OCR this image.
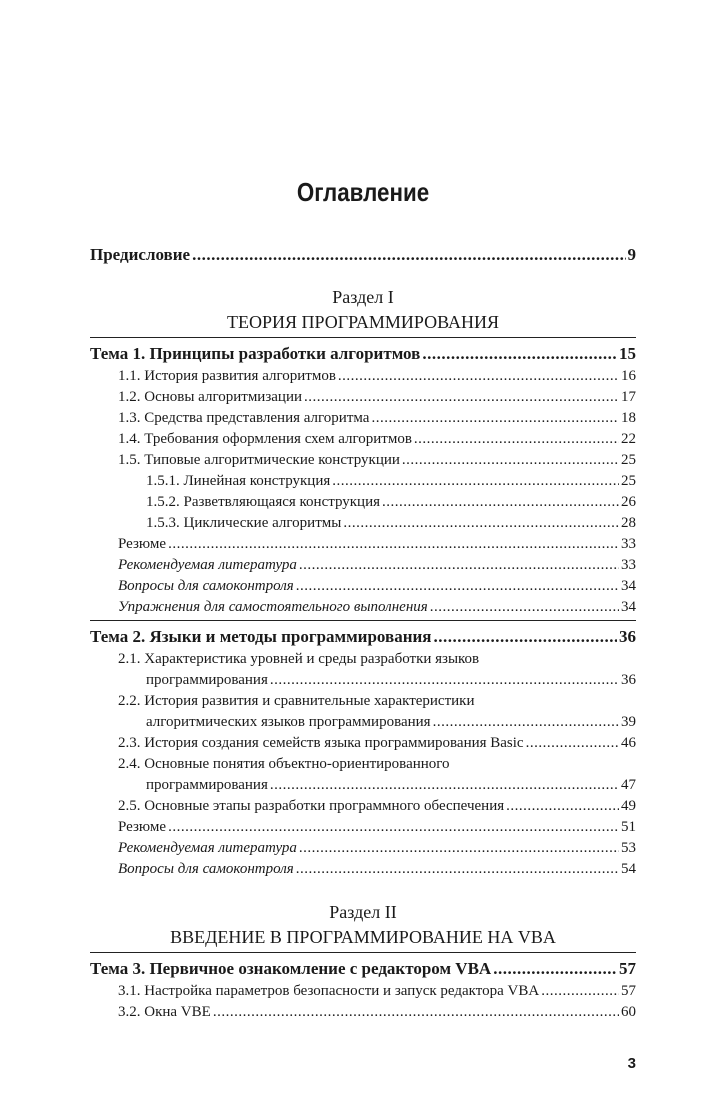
Оглавление
Предисловие .....	9
Раздел I
ТЕОРИЯ ПРОГРАММИРОВАНИЯ
Тема 1. Принципы разработки алгоритмов .....	15
1.1. История развития алгоритмов .....	16
1.2. Основы алгоритмизации .....	17
1.3. Средства представления алгоритма .....	18
1.4. Требования оформления схем алгоритмов .....	22
1.5. Типовые алгоритмические конструкции .....	25
1.5.1. Линейная конструкция .....	25
1.5.2. Разветвляющаяся конструкция .....	26
1.5.3. Циклические алгоритмы .....	28
Резюме .....	33
Рекомендуемая литература .....	33
Вопросы для самоконтроля .....	34
Упражнения для самостоятельного выполнения .....	34
Тема 2. Языки и методы программирования .....	36
2.1. Характеристика уровней и среды разработки языков
программирования .....	36
2.2. История развития и сравнительные характеристики
алгоритмических языков программирования .....	39
2.3. История создания семейств языка программирования Basic .....	46
2.4. Основные понятия объектно-ориентированного
программирования .....	47
2.5. Основные этапы разработки программного обеспечения .....	49
Резюме .....	51
Рекомендуемая литература .....	53
Вопросы для самоконтроля .....	54
Раздел II
ВВЕДЕНИЕ В ПРОГРАММИРОВАНИЕ НА VBA
Тема 3. Первичное ознакомление с редактором VBA .....	57
3.1. Настройка параметров безопасности и запуск редактора VBA .....	57
3.2. Окна VBE .....	60
3
